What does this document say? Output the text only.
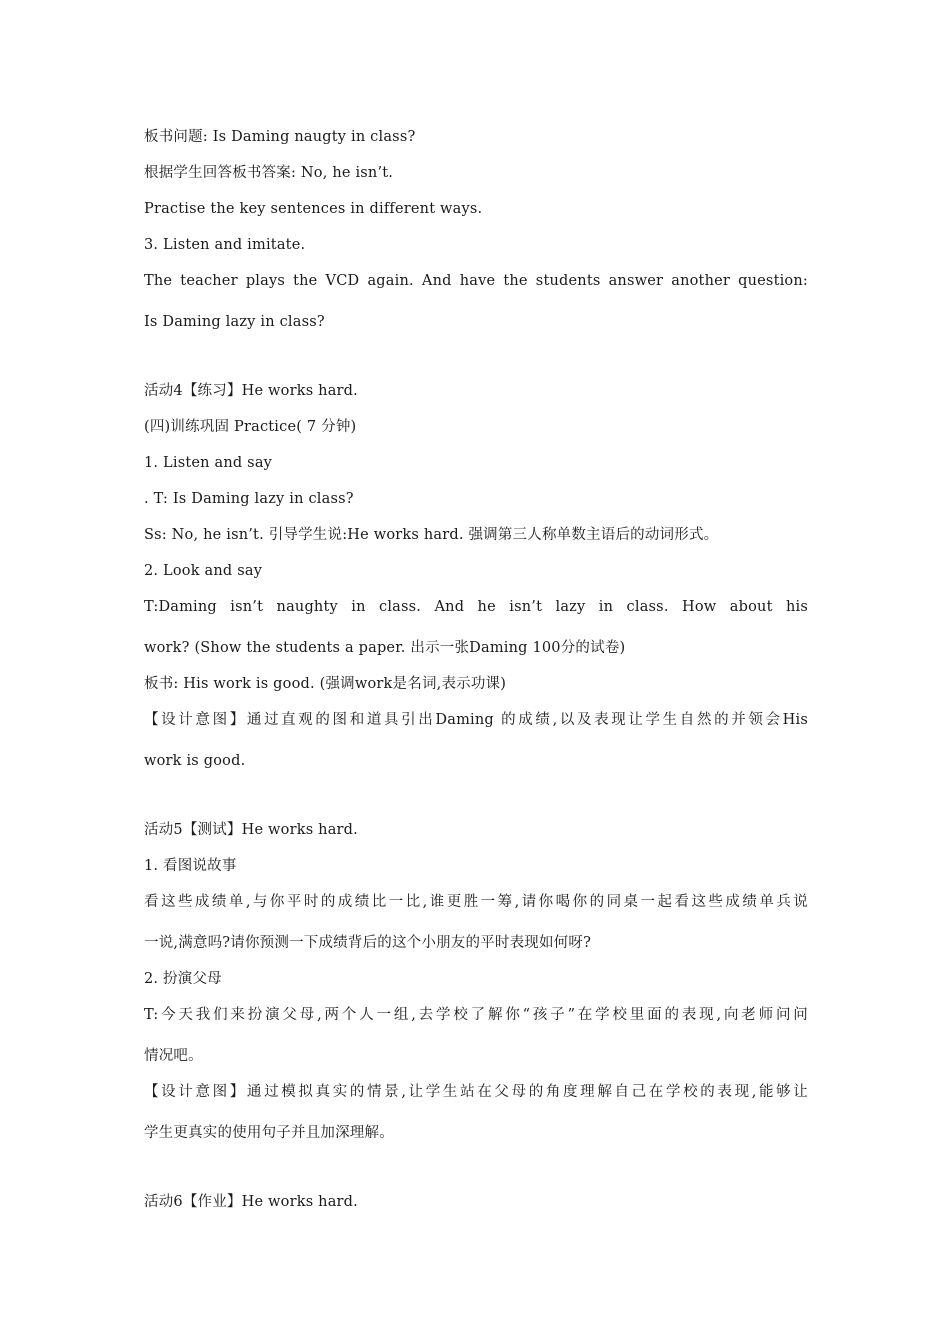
板书问题: Is Daming naugty in class?

根据学生回答板书答案: No, he isn’t.

Practise the key sentences in different ways.

3. Listen and imitate.

The teacher plays the VCD again. And have the students answer another question:

Is Daming lazy in class?

活动4【练习】He works hard.

(四)训练巩固 Practice( 7 分钟)

1. Listen and say

. T: Is Daming lazy in class?

Ss: No, he isn’t. 引导学生说:He works hard. 强调第三人称单数主语后的动词形式。

2. Look and say

T:Daming isn’t naughty in class. And he isn’t lazy in class. How about his

work? (Show the students a paper. 出示一张Daming 100分的试卷)

板书: His work is good. (强调work是名词,表示功课)

【设计意图】通过直观的图和道具引出Daming 的成绩,以及表现让学生自然的并领会His

work is good.

活动5【测试】He works hard.

1. 看图说故事

看这些成绩单,与你平时的成绩比一比,谁更胜一筹,请你喝你的同桌一起看这些成绩单兵说

一说,满意吗?请你预测一下成绩背后的这个小朋友的平时表现如何呀?

2. 扮演父母

T:今天我们来扮演父母,两个人一组,去学校了解你“孩子”在学校里面的表现,向老师问问

情况吧。

【设计意图】通过模拟真实的情景,让学生站在父母的角度理解自己在学校的表现,能够让

学生更真实的使用句子并且加深理解。

活动6【作业】He works hard.
